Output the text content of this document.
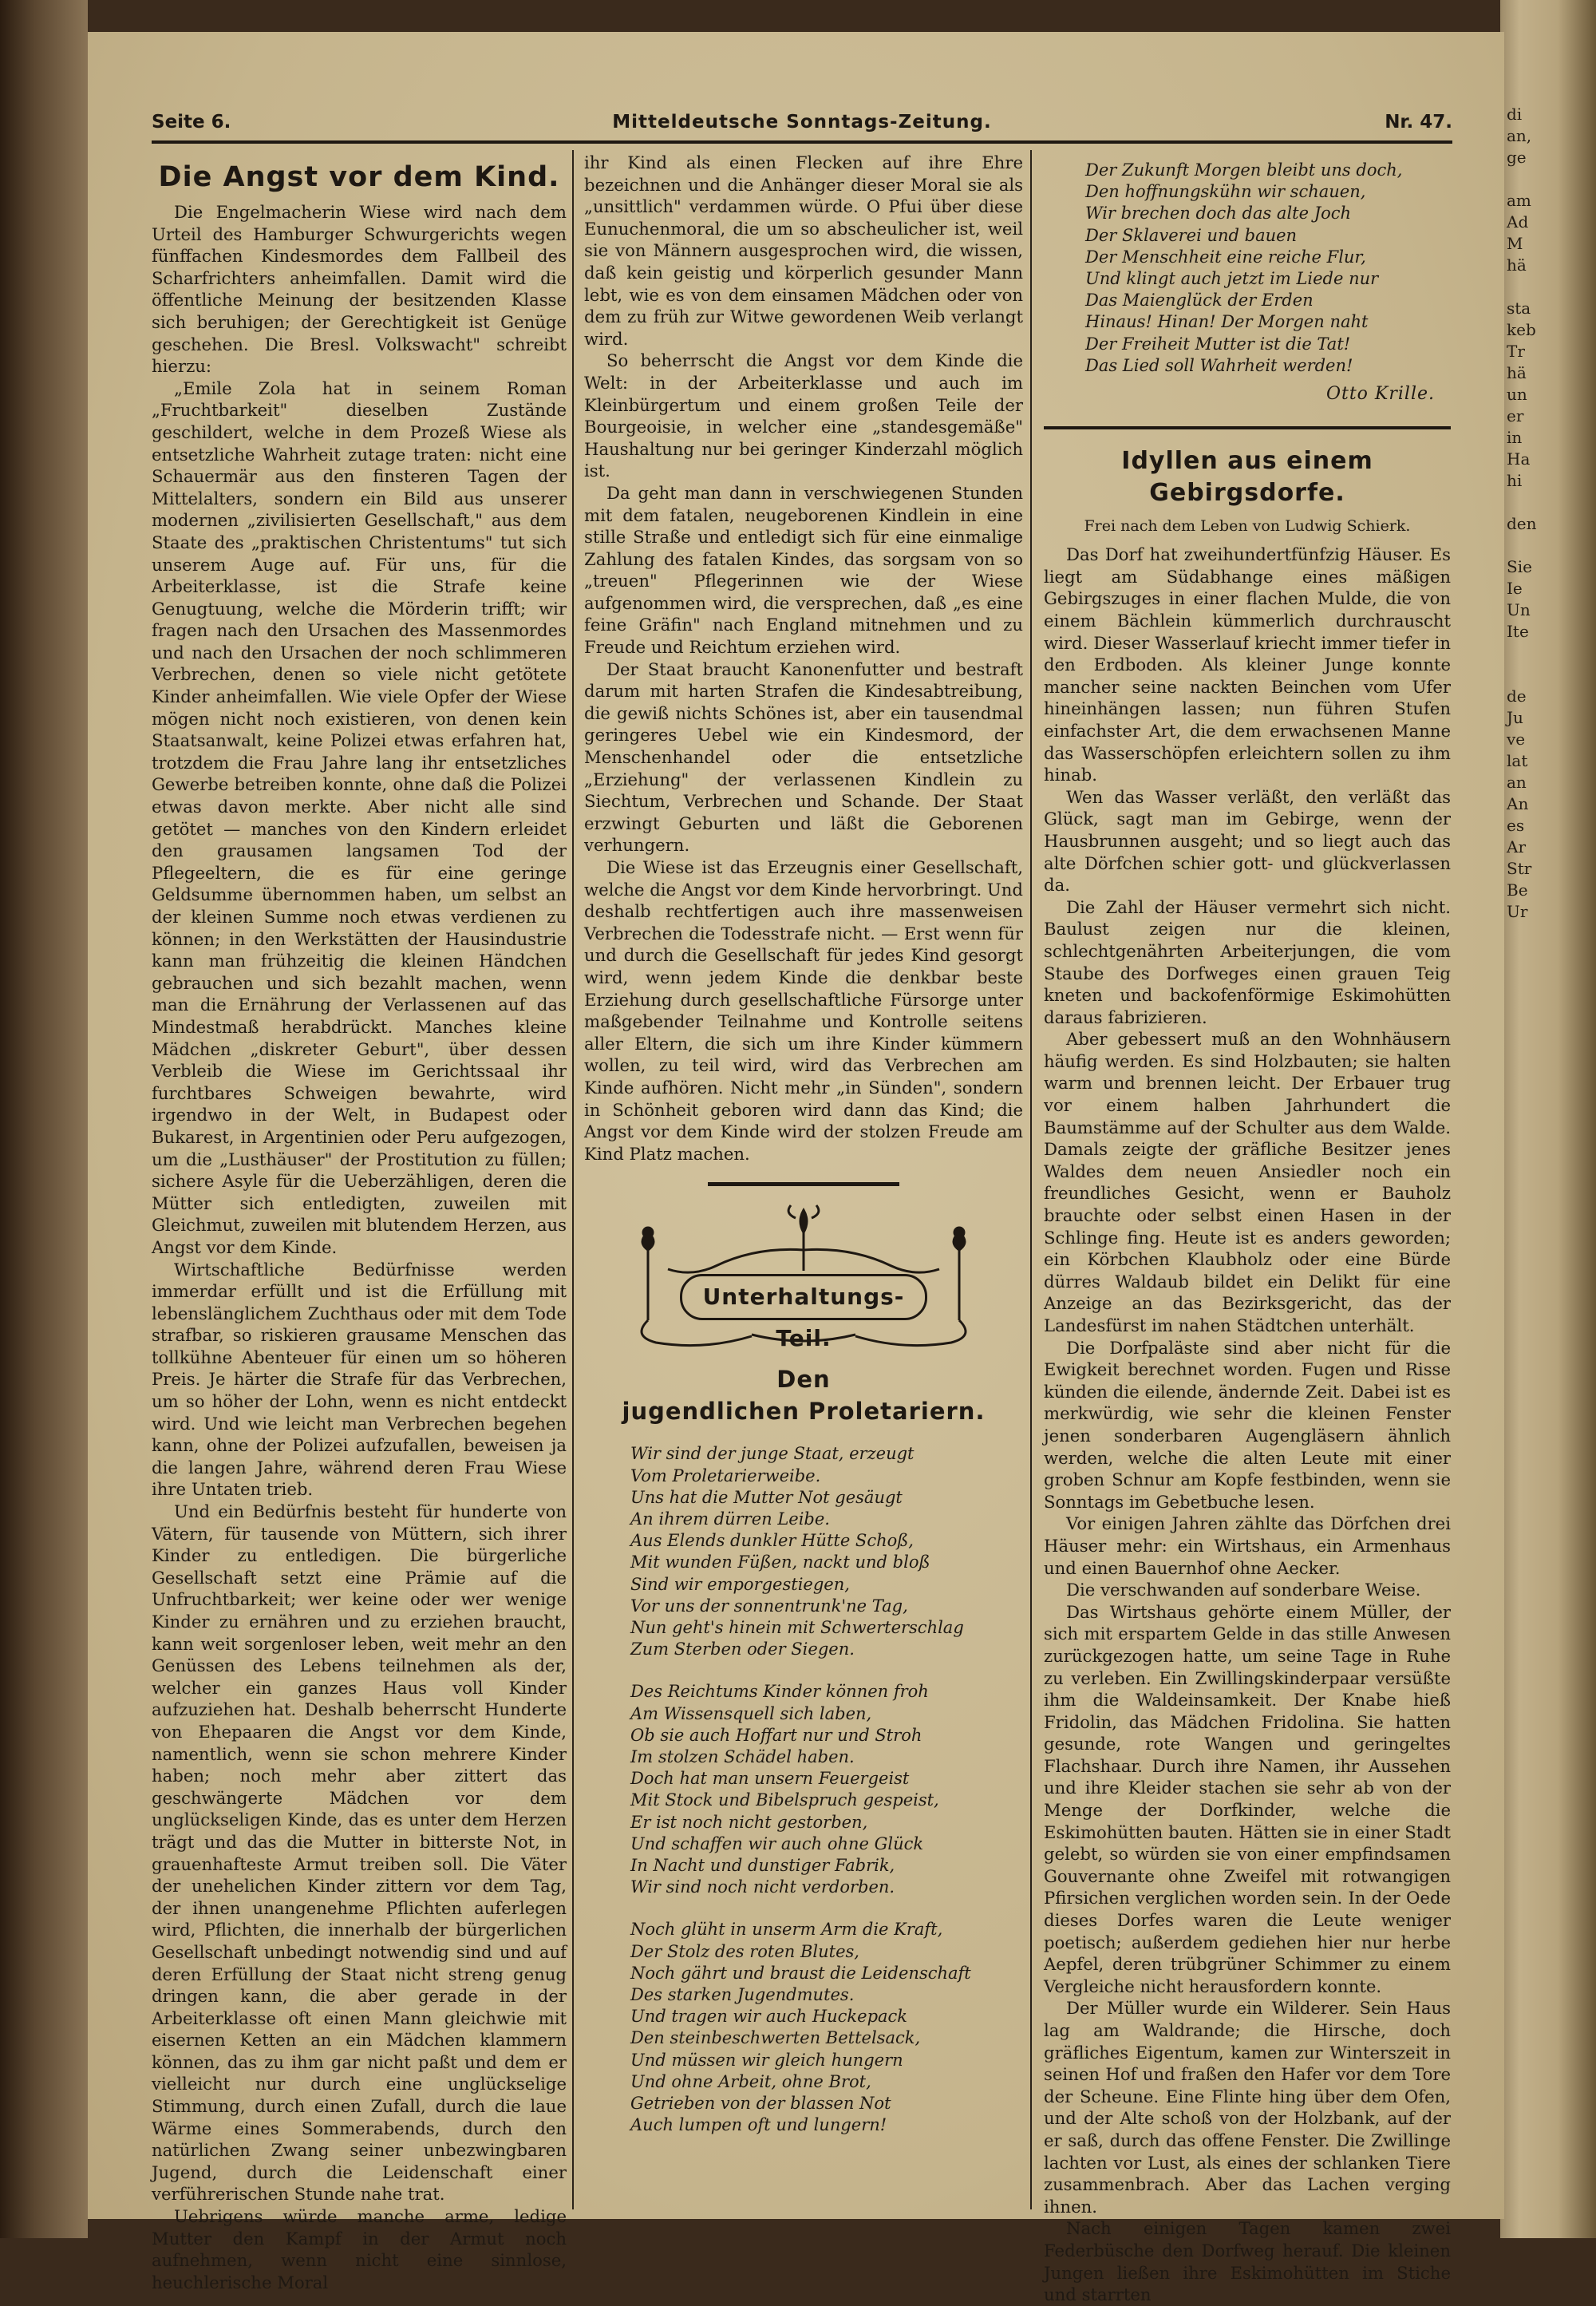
di
an,
ge

am
Ad
M
hä

sta
keb
Tr
hä
un
er
in
Ha
hi

den

Sie
Ie
Un
Ite

de
Ju
ve
lat
an
An
es
Ar
Str
Be
Ur
Seite 6.	Mitteldeutsche Sonntags-Zeitung.	Nr. 47.
Die Angst vor dem Kind.

Die Engelmacherin Wiese wird nach dem Urteil des Hamburger Schwurgerichts wegen fünffachen Kindesmordes dem Fallbeil des Scharfrichters anheimfallen. Damit wird die öffentliche Meinung der besitzenden Klasse sich beruhigen; der Gerechtigkeit ist Genüge geschehen. Die Bresl. Volkswacht" schreibt hierzu:

„Emile Zola hat in seinem Roman „Fruchtbarkeit" dieselben Zustände geschildert, welche in dem Prozeß Wiese als entsetzliche Wahrheit zutage traten: nicht eine Schauermär aus den finsteren Tagen der Mittelalters, sondern ein Bild aus unserer modernen „zivilisierten Gesellschaft," aus dem Staate des „praktischen Christentums" tut sich unserem Auge auf. Für uns, für die Arbeiterklasse, ist die Strafe keine Genugtuung, welche die Mörderin trifft; wir fragen nach den Ursachen des Massenmordes und nach den Ursachen der noch schlimmeren Verbrechen, denen so viele nicht getötete Kinder anheimfallen. Wie viele Opfer der Wiese mögen nicht noch existieren, von denen kein Staatsanwalt, keine Polizei etwas erfahren hat, trotzdem die Frau Jahre lang ihr entsetzliches Gewerbe betreiben konnte, ohne daß die Polizei etwas davon merkte. Aber nicht alle sind getötet — manches von den Kindern erleidet den grausamen langsamen Tod der Pflegeeltern, die es für eine geringe Geldsumme übernommen haben, um selbst an der kleinen Summe noch etwas verdienen zu können; in den Werkstätten der Hausindustrie kann man frühzeitig die kleinen Händchen gebrauchen und sich bezahlt machen, wenn man die Ernährung der Verlassenen auf das Mindestmaß herabdrückt. Manches kleine Mädchen „diskreter Geburt", über dessen Verbleib die Wiese im Gerichtssaal ihr furchtbares Schweigen bewahrte, wird irgendwo in der Welt, in Budapest oder Bukarest, in Argentinien oder Peru aufgezogen, um die „Lusthäuser" der Prostitution zu füllen; sichere Asyle für die Ueberzähligen, deren die Mütter sich entledigten, zuweilen mit Gleichmut, zuweilen mit blutendem Herzen, aus Angst vor dem Kinde.

Wirtschaftliche Bedürfnisse werden immerdar erfüllt und ist die Erfüllung mit lebenslänglichem Zuchthaus oder mit dem Tode strafbar, so riskieren grausame Menschen das tollkühne Abenteuer für einen um so höheren Preis. Je härter die Strafe für das Verbrechen, um so höher der Lohn, wenn es nicht entdeckt wird. Und wie leicht man Verbrechen begehen kann, ohne der Polizei aufzufallen, beweisen ja die langen Jahre, während deren Frau Wiese ihre Untaten trieb.

Und ein Bedürfnis besteht für hunderte von Vätern, für tausende von Müttern, sich ihrer Kinder zu entledigen. Die bürgerliche Gesellschaft setzt eine Prämie auf die Unfruchtbarkeit; wer keine oder wer wenige Kinder zu ernähren und zu erziehen braucht, kann weit sorgenloser leben, weit mehr an den Genüssen des Lebens teilnehmen als der, welcher ein ganzes Haus voll Kinder aufzuziehen hat. Deshalb beherrscht Hunderte von Ehepaaren die Angst vor dem Kinde, namentlich, wenn sie schon mehrere Kinder haben; noch mehr aber zittert das geschwängerte Mädchen vor dem unglückseligen Kinde, das es unter dem Herzen trägt und das die Mutter in bitterste Not, in grauenhafteste Armut treiben soll. Die Väter der unehelichen Kinder zittern vor dem Tag, der ihnen unangenehme Pflichten auferlegen wird, Pflichten, die innerhalb der bürgerlichen Gesellschaft unbedingt notwendig sind und auf deren Erfüllung der Staat nicht streng genug dringen kann, die aber gerade in der Arbeiterklasse oft einen Mann gleichwie mit eisernen Ketten an ein Mädchen klammern können, das zu ihm gar nicht paßt und dem er vielleicht nur durch eine unglückselige Stimmung, durch einen Zufall, durch die laue Wärme eines Sommerabends, durch den natürlichen Zwang seiner unbezwingbaren Jugend, durch die Leidenschaft einer verführerischen Stunde nahe trat.

Uebrigens würde manche arme, ledige Mutter den Kampf in der Armut noch aufnehmen, wenn nicht eine sinnlose, heuchlerische Moral

ihr Kind als einen Flecken auf ihre Ehre bezeichnen und die Anhänger dieser Moral sie als „unsittlich" verdammen würde. O Pfui über diese Eunuchenmoral, die um so abscheulicher ist, weil sie von Männern ausgesprochen wird, die wissen, daß kein geistig und körperlich gesunder Mann lebt, wie es von dem einsamen Mädchen oder von dem zu früh zur Witwe gewordenen Weib verlangt wird.

So beherrscht die Angst vor dem Kinde die Welt: in der Arbeiterklasse und auch im Kleinbürgertum und einem großen Teile der Bourgeoisie, in welcher eine „standesgemäße" Haushaltung nur bei geringer Kinderzahl möglich ist.

Da geht man dann in verschwiegenen Stunden mit dem fatalen, neugeborenen Kindlein in eine stille Straße und entledigt sich für eine einmalige Zahlung des fatalen Kindes, das sorgsam von so „treuen" Pflegerinnen wie der Wiese aufgenommen wird, die versprechen, daß „es eine feine Gräfin" nach England mitnehmen und zu Freude und Reichtum erziehen wird.

Der Staat braucht Kanonenfutter und bestraft darum mit harten Strafen die Kindesabtreibung, die gewiß nichts Schönes ist, aber ein tausendmal geringeres Uebel wie ein Kindesmord, der Menschenhandel oder die entsetzliche „Erziehung" der verlassenen Kindlein zu Siechtum, Verbrechen und Schande. Der Staat erzwingt Geburten und läßt die Geborenen verhungern.

Die Wiese ist das Erzeugnis einer Gesellschaft, welche die Angst vor dem Kinde hervorbringt. Und deshalb rechtfertigen auch ihre massenweisen Verbrechen die Todesstrafe nicht. — Erst wenn für und durch die Gesellschaft für jedes Kind gesorgt wird, wenn jedem Kinde die denkbar beste Erziehung durch gesellschaftliche Fürsorge unter maßgebender Teilnahme und Kontrolle seitens aller Eltern, die sich um ihre Kinder kümmern wollen, zu teil wird, wird das Verbrechen am Kinde aufhören. Nicht mehr „in Sünden", sondern in Schönheit geboren wird dann das Kind; die Angst vor dem Kinde wird der stolzen Freude am Kind Platz machen.

Unterhaltungs-Teil.
Den
jugendlichen Proletariern.
Wir sind der junge Staat, erzeugt
Vom Proletarierweibe.
Uns hat die Mutter Not gesäugt
An ihrem dürren Leibe.
Aus Elends dunkler Hütte Schoß,
Mit wunden Füßen, nackt und bloß
Sind wir emporgestiegen,
Vor uns der sonnentrunk'ne Tag,
Nun geht's hinein mit Schwerterschlag
Zum Sterben oder Siegen.
Des Reichtums Kinder können froh
Am Wissensquell sich laben,
Ob sie auch Hoffart nur und Stroh
Im stolzen Schädel haben.
Doch hat man unsern Feuergeist
Mit Stock und Bibelspruch gespeist,
Er ist noch nicht gestorben,
Und schaffen wir auch ohne Glück
In Nacht und dunstiger Fabrik,
Wir sind noch nicht verdorben.
Noch glüht in unserm Arm die Kraft,
Der Stolz des roten Blutes,
Noch gährt und braust die Leidenschaft
Des starken Jugendmutes.
Und tragen wir auch Huckepack
Den steinbeschwerten Bettelsack,
Und müssen wir gleich hungern
Und ohne Arbeit, ohne Brot,
Getrieben von der blassen Not
Auch lumpen oft und lungern!
Der Zukunft Morgen bleibt uns doch,
Den hoffnungskühn wir schauen,
Wir brechen doch das alte Joch
Der Sklaverei und bauen
Der Menschheit eine reiche Flur,
Und klingt auch jetzt im Liede nur
Das Maienglück der Erden
Hinaus! Hinan! Der Morgen naht
Der Freiheit Mutter ist die Tat!
Das Lied soll Wahrheit werden!
Otto Krille.
Idyllen aus einem Gebirgsdorfe.
Frei nach dem Leben von Ludwig Schierk.

Das Dorf hat zweihundertfünfzig Häuser. Es liegt am Südabhange eines mäßigen Gebirgszuges in einer flachen Mulde, die von einem Bächlein kümmerlich durchrauscht wird. Dieser Wasserlauf kriecht immer tiefer in den Erdboden. Als kleiner Junge konnte mancher seine nackten Beinchen vom Ufer hineinhängen lassen; nun führen Stufen einfachster Art, die dem erwachsenen Manne das Wasserschöpfen erleichtern sollen zu ihm hinab.

Wen das Wasser verläßt, den verläßt das Glück, sagt man im Gebirge, wenn der Hausbrunnen ausgeht; und so liegt auch das alte Dörfchen schier gott- und glückverlassen da.

Die Zahl der Häuser vermehrt sich nicht. Baulust zeigen nur die kleinen, schlechtgenährten Arbeiterjungen, die vom Staube des Dorfweges einen grauen Teig kneten und backofenförmige Eskimohütten daraus fabrizieren.

Aber gebessert muß an den Wohnhäusern häufig werden. Es sind Holzbauten; sie halten warm und brennen leicht. Der Erbauer trug vor einem halben Jahrhundert die Baumstämme auf der Schulter aus dem Walde. Damals zeigte der gräfliche Besitzer jenes Waldes dem neuen Ansiedler noch ein freundliches Gesicht, wenn er Bauholz brauchte oder selbst einen Hasen in der Schlinge fing. Heute ist es anders geworden; ein Körbchen Klaubholz oder eine Bürde dürres Waldaub bildet ein Delikt für eine Anzeige an das Bezirksgericht, das der Landesfürst im nahen Städtchen unterhält.

Die Dorfpaläste sind aber nicht für die Ewigkeit berechnet worden. Fugen und Risse künden die eilende, ändernde Zeit. Dabei ist es merkwürdig, wie sehr die kleinen Fenster jenen sonderbaren Augengläsern ähnlich werden, welche die alten Leute mit einer groben Schnur am Kopfe festbinden, wenn sie Sonntags im Gebetbuche lesen.

Vor einigen Jahren zählte das Dörfchen drei Häuser mehr: ein Wirtshaus, ein Armenhaus und einen Bauernhof ohne Aecker.

Die verschwanden auf sonderbare Weise.

Das Wirtshaus gehörte einem Müller, der sich mit erspartem Gelde in das stille Anwesen zurückgezogen hatte, um seine Tage in Ruhe zu verleben. Ein Zwillingskinderpaar versüßte ihm die Waldeinsamkeit. Der Knabe hieß Fridolin, das Mädchen Fridolina. Sie hatten gesunde, rote Wangen und geringeltes Flachshaar. Durch ihre Namen, ihr Aussehen und ihre Kleider stachen sie sehr ab von der Menge der Dorfkinder, welche die Eskimohütten bauten. Hätten sie in einer Stadt gelebt, so würden sie von einer empfindsamen Gouvernante ohne Zweifel mit rotwangigen Pfirsichen verglichen worden sein. In der Oede dieses Dorfes waren die Leute weniger poetisch; außerdem gediehen hier nur herbe Aepfel, deren trübgrüner Schimmer zu einem Vergleiche nicht herausfordern konnte.

Der Müller wurde ein Wilderer. Sein Haus lag am Waldrande; die Hirsche, doch gräfliches Eigentum, kamen zur Winterszeit in seinen Hof und fraßen den Hafer vor dem Tore der Scheune. Eine Flinte hing über dem Ofen, und der Alte schoß von der Holzbank, auf der er saß, durch das offene Fenster. Die Zwillinge lachten vor Lust, als eines der schlanken Tiere zusammenbrach. Aber das Lachen verging ihnen.

Nach einigen Tagen kamen zwei Federbüsche den Dorfweg herauf. Die kleinen Jungen ließen ihre Eskimohütten im Stiche und starrten
